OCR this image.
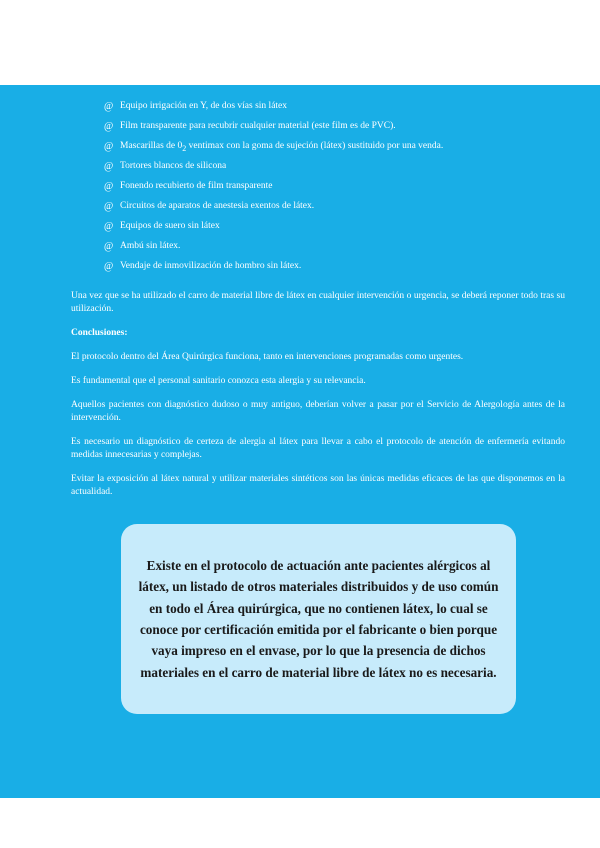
@ Equipo irrigación en Y, de dos vías sin látex
@ Film transparente para recubrir cualquier material (este film es de PVC).
@ Mascarillas de $0_2$ ventimax con la goma de sujeción (látex) sustituido por una venda.
@ Tortores blancos de silicona
@ Fonendo recubierto de film transparente
@ Circuitos de aparatos de anestesia exentos de látex.
@ Equipos de suero sin látex
@ Ambú sin látex.
@ Vendaje de inmovilización de hombro sin látex.

Una vez que se ha utilizado el carro de material libre de látex en cualquier intervención o urgencia, se deberá reponer todo tras su utilización.

Conclusiones:

El protocolo dentro del Área Quirúrgica funciona, tanto en intervenciones programadas como urgentes.

Es fundamental que el personal sanitario conozca esta alergia y su relevancia.

Aquellos pacientes con diagnóstico dudoso o muy antiguo, deberían volver a pasar por el Servicio de Alergología antes de la intervención.

Es necesario un diagnóstico de certeza de alergia al látex para llevar a cabo el protocolo de atención de enfermería evitando medidas innecesarias y complejas.

Evitar la exposición al látex natural y utilizar materiales sintéticos son las únicas medidas eficaces de las que disponemos en la actualidad.

Existe en el protocolo de actuación ante pacientes alérgicos al látex, un listado de otros materiales distribuidos y de uso común en todo el Área quirúrgica, que no contienen látex, lo cual se conoce por certificación emitida por el fabricante o bien porque vaya impreso en el envase, por lo que la presencia de dichos materiales en el carro de material libre de látex no es necesaria.
